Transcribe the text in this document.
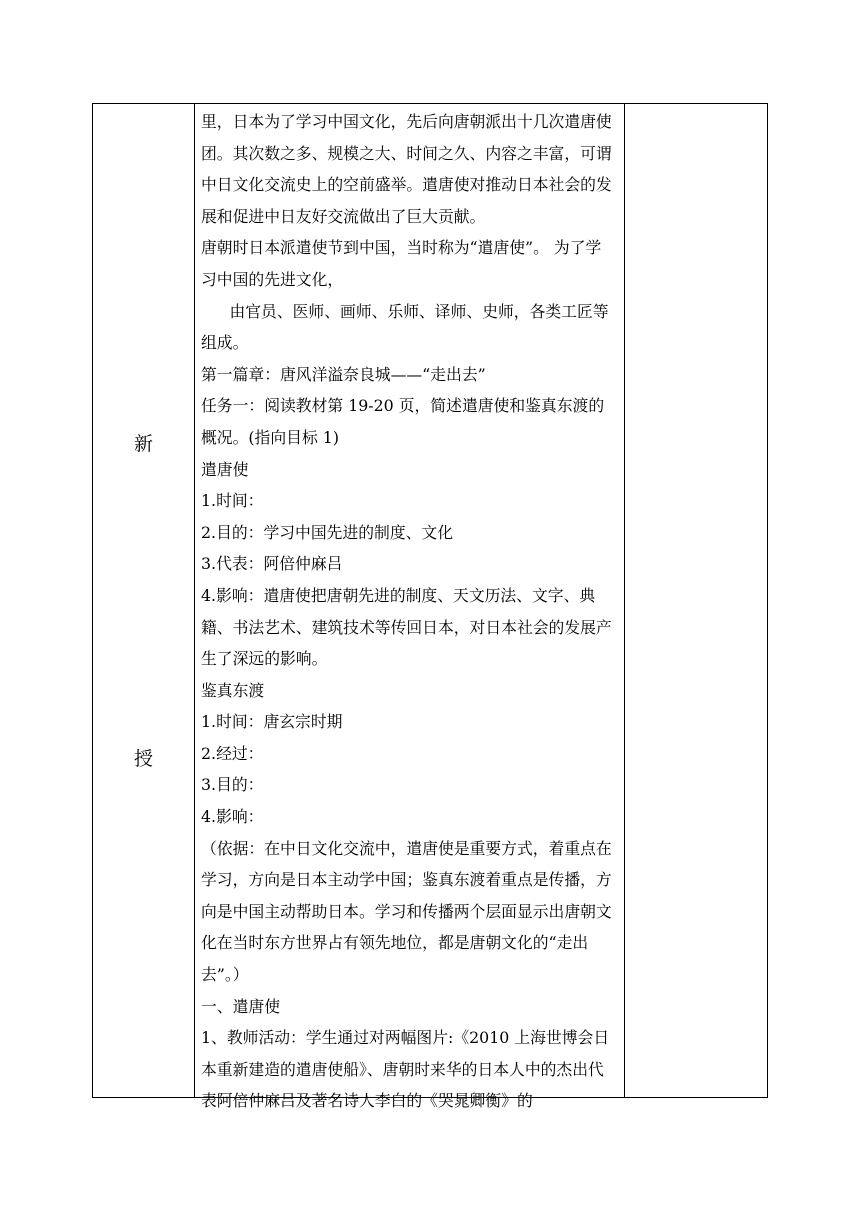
新
授

里，日本为了学习中国文化，先后向唐朝派出十几次遣唐使团。其次数之多、规模之大、时间之久、内容之丰富，可谓中日文化交流史上的空前盛举。遣唐使对推动日本社会的发展和促进中日友好交流做出了巨大贡献。

唐朝时日本派遣使节到中国，当时称为“遣唐使”。 为了学习中国的先进文化，

由官员、医师、画师、乐师、译师、史师，各类工匠等组成。

第一篇章：唐风洋溢奈良城——“走出去”

任务一：阅读教材第 19-20 页，简述遣唐使和鉴真东渡的概况。(指向目标 1)

遣唐使

1.时间：

2.目的：学习中国先进的制度、文化

3.代表：阿倍仲麻吕

4.影响：遣唐使把唐朝先进的制度、天文历法、文字、典籍、书法艺术、建筑技术等传回日本，对日本社会的发展产生了深远的影响。

鉴真东渡

1.时间：唐玄宗时期

2.经过：

3.目的：

4.影响：

（依据：在中日文化交流中，遣唐使是重要方式，着重点在学习，方向是日本主动学中国；鉴真东渡着重点是传播，方向是中国主动帮助日本。学习和传播两个层面显示出唐朝文化在当时东方世界占有领先地位，都是唐朝文化的“走出去”。）

一、遣唐使

1、教师活动：学生通过对两幅图片:《2010 上海世博会日本重新建造的遣唐使船》、唐朝时来华的日本人中的杰出代表阿倍仲麻吕及著名诗人李白的《哭晁卿衡》的
